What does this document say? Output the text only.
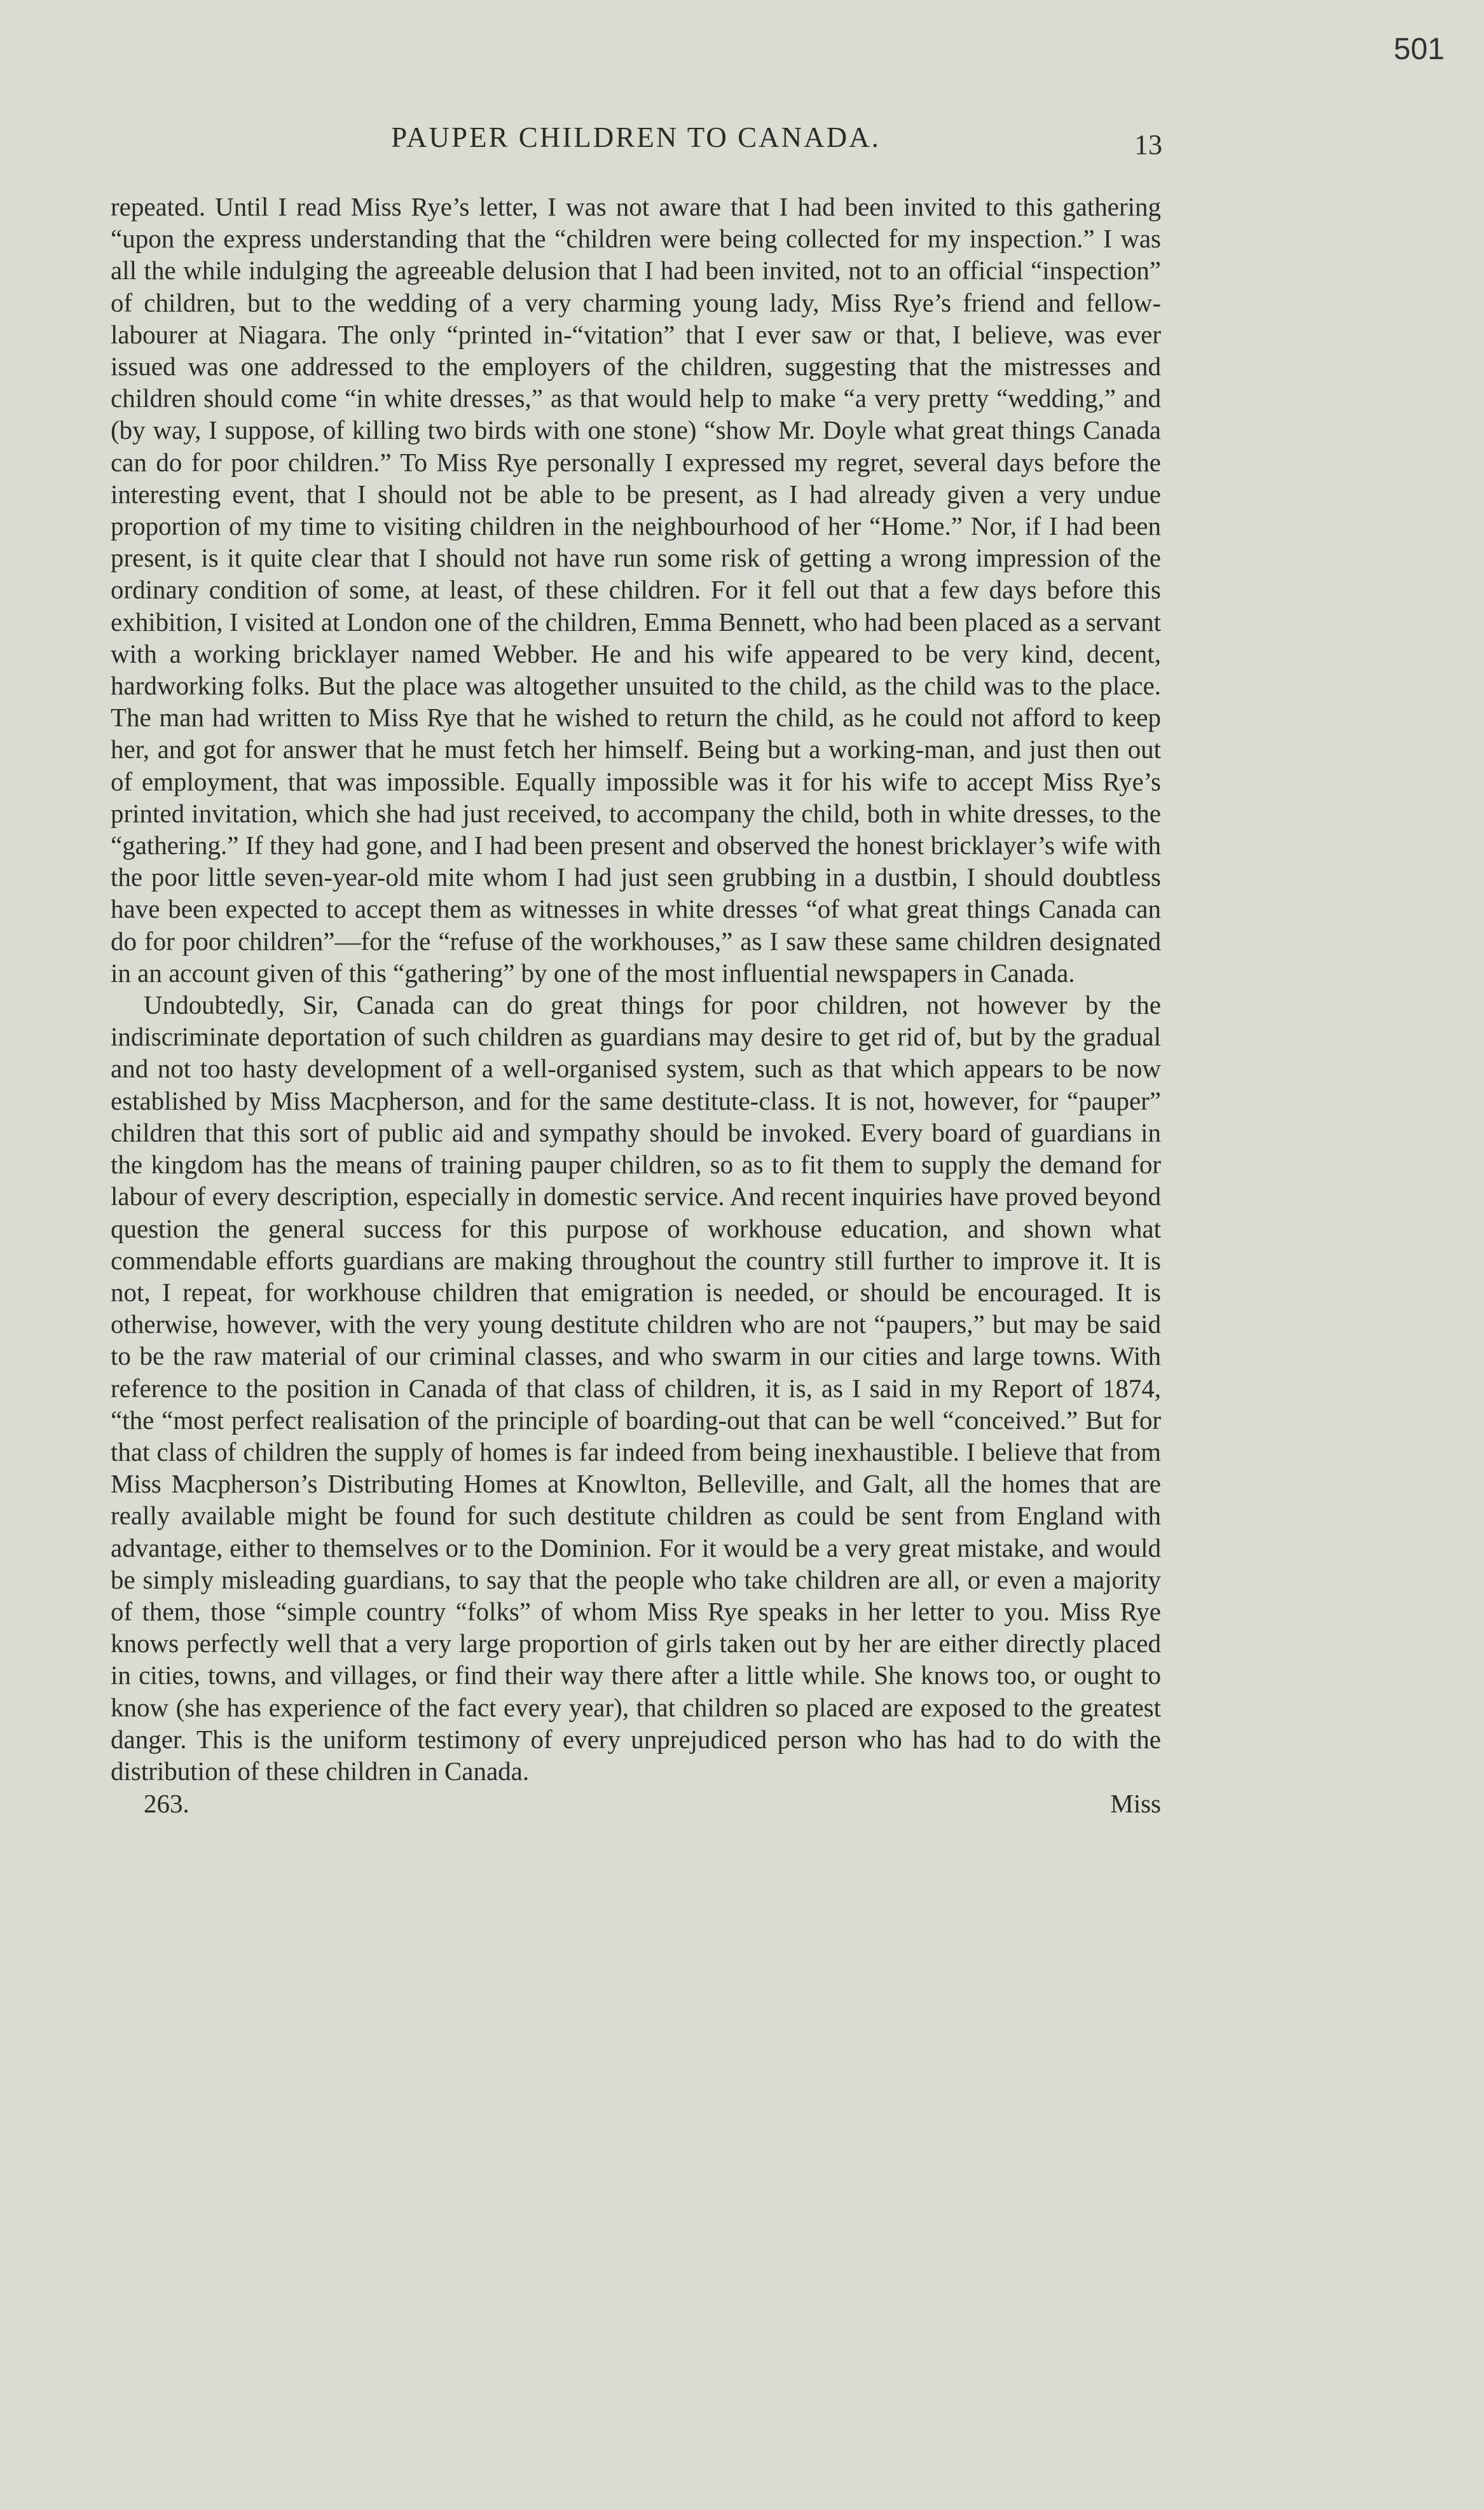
501
PAUPER CHILDREN TO CANADA.	13

repeated. Until I read Miss Rye’s letter, I was not aware that I had been invited to this gathering “upon the express understanding that the “children were being collected for my inspection.” I was all the while indulging the agreeable delusion that I had been invited, not to an official “inspection” of children, but to the wedding of a very charming young lady, Miss Rye’s friend and fellow-labourer at Niagara. The only “printed in-“vitation” that I ever saw or that, I believe, was ever issued was one addressed to the employers of the children, suggesting that the mistresses and children should come “in white dresses,” as that would help to make “a very pretty “wedding,” and (by way, I suppose, of killing two birds with one stone) “show Mr. Doyle what great things Canada can do for poor children.” To Miss Rye personally I expressed my regret, several days before the interesting event, that I should not be able to be present, as I had already given a very undue proportion of my time to visiting children in the neighbourhood of her “Home.” Nor, if I had been present, is it quite clear that I should not have run some risk of getting a wrong impression of the ordinary condition of some, at least, of these children. For it fell out that a few days before this exhibition, I visited at London one of the children, Emma Bennett, who had been placed as a servant with a working bricklayer named Webber. He and his wife appeared to be very kind, decent, hardworking folks. But the place was altogether unsuited to the child, as the child was to the place. The man had written to Miss Rye that he wished to return the child, as he could not afford to keep her, and got for answer that he must fetch her himself. Being but a working-man, and just then out of employment, that was impossible. Equally impossible was it for his wife to accept Miss Rye’s printed invitation, which she had just received, to accompany the child, both in white dresses, to the “gathering.” If they had gone, and I had been present and observed the honest bricklayer’s wife with the poor little seven-year-old mite whom I had just seen grubbing in a dustbin, I should doubtless have been expected to accept them as witnesses in white dresses “of what great things Canada can do for poor children”—for the “refuse of the workhouses,” as I saw these same children designated in an account given of this “gathering” by one of the most influential newspapers in Canada.

Undoubtedly, Sir, Canada can do great things for poor children, not however by the indiscriminate deportation of such children as guardians may desire to get rid of, but by the gradual and not too hasty development of a well-organised system, such as that which appears to be now established by Miss Macpherson, and for the same destitute-class. It is not, however, for “pauper” children that this sort of public aid and sympathy should be invoked. Every board of guardians in the kingdom has the means of training pauper children, so as to fit them to supply the demand for labour of every description, especially in domestic service. And recent inquiries have proved beyond question the general success for this purpose of workhouse education, and shown what commendable efforts guardians are making throughout the country still further to improve it. It is not, I repeat, for workhouse children that emigration is needed, or should be encouraged. It is otherwise, however, with the very young destitute children who are not “paupers,” but may be said to be the raw material of our criminal classes, and who swarm in our cities and large towns. With reference to the position in Canada of that class of children, it is, as I said in my Report of 1874, “the “most perfect realisation of the principle of boarding-out that can be well “conceived.” But for that class of children the supply of homes is far indeed from being inexhaustible. I believe that from Miss Macpherson’s Distributing Homes at Knowlton, Belleville, and Galt, all the homes that are really available might be found for such destitute children as could be sent from England with advantage, either to themselves or to the Dominion. For it would be a very great mistake, and would be simply misleading guardians, to say that the people who take children are all, or even a majority of them, those “simple country “folks” of whom Miss Rye speaks in her letter to you. Miss Rye knows perfectly well that a very large proportion of girls taken out by her are either directly placed in cities, towns, and villages, or find their way there after a little while. She knows too, or ought to know (she has experience of the fact every year), that children so placed are exposed to the greatest danger. This is the uniform testimony of every unprejudiced person who has had to do with the distribution of these children in Canada.

263.	Miss
